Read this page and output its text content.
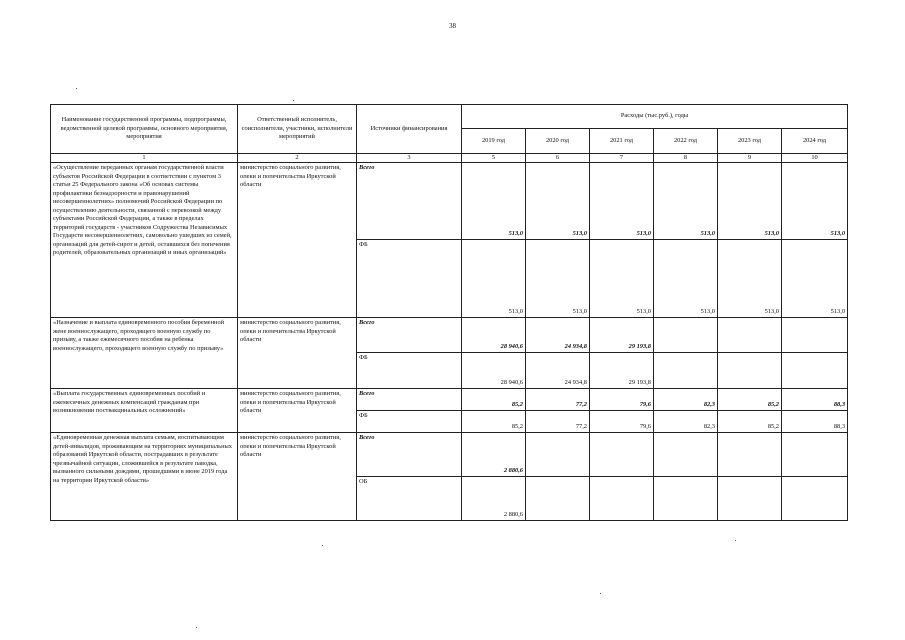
38
Наименование государственной программы, подпрограммы, ведомственной целевой программы, основного мероприятия, мероприятия	Ответственный исполнитель, соисполнители, участники, исполнители мероприятий	Источники финансирования	Расходы (тыс.руб.), годы					
			2019 год	2020 год	2021 год	2022 год	2023 год	2024 год
1	2	3	5	6	7	8	9	10
«Осуществление переданных органам государственной власти субъектов Российской Федерации в соответствии с пунктом 3 статьи 25 Федерального закона «Об основах системы профилактики безнадзорности и правонарушений несовершеннолетних» полномочий Российской Федерации по осуществлению деятельности, связанной с перевозкой между субъектами Российской Федерации, а также в пределах территорий государств - участников Содружества Независимых Государств несовершеннолетних, самовольно ушедших из семей, организаций для детей-сирот и детей, оставшихся без попечения родителей, образовательных организаций и иных организаций»	министерство социального развития, опеки и попечительства Иркутской области	Всего	513,0	513,0	513,0	513,0	513,0	513,0
		ФБ	513,0	513,0	513,0	513,0	513,0	513,0
«Назначение и выплата единовременного пособия беременной жене военнослужащего, проходящего военную службу по призыву, а также ежемесячного пособия на ребенка военнослужащего, проходящего военную службу по призыву»	министерство социального развития, опеки и попечительства Иркутской области	Всего	28 940,6	24 934,8	29 193,8			
		ФБ	28 940,6	24 934,8	29 193,8			
«Выплата государственных единовременных пособий и ежемесячных денежных компенсаций гражданам при возникновении поствакцинальных осложнений»	министерство социального развития, опеки и попечительства Иркутской области	Всего	85,2	77,2	79,6	82,3	85,2	88,3
		ФБ	85,2	77,2	79,6	82,3	85,2	88,3
«Единовременная денежная выплата семьям, воспитывающим детей-инвалидов, проживающим на территориях муниципальных образований Иркутской области, пострадавших в результате чрезвычайной ситуации, сложившейся в результате паводка, вызванного сильными дождями, прошедшими в июне 2019 года на территории Иркутской области»	министерство социального развития, опеки и попечительства Иркутской области	Всего	2 880,6					
		ОБ	2 880,6					
